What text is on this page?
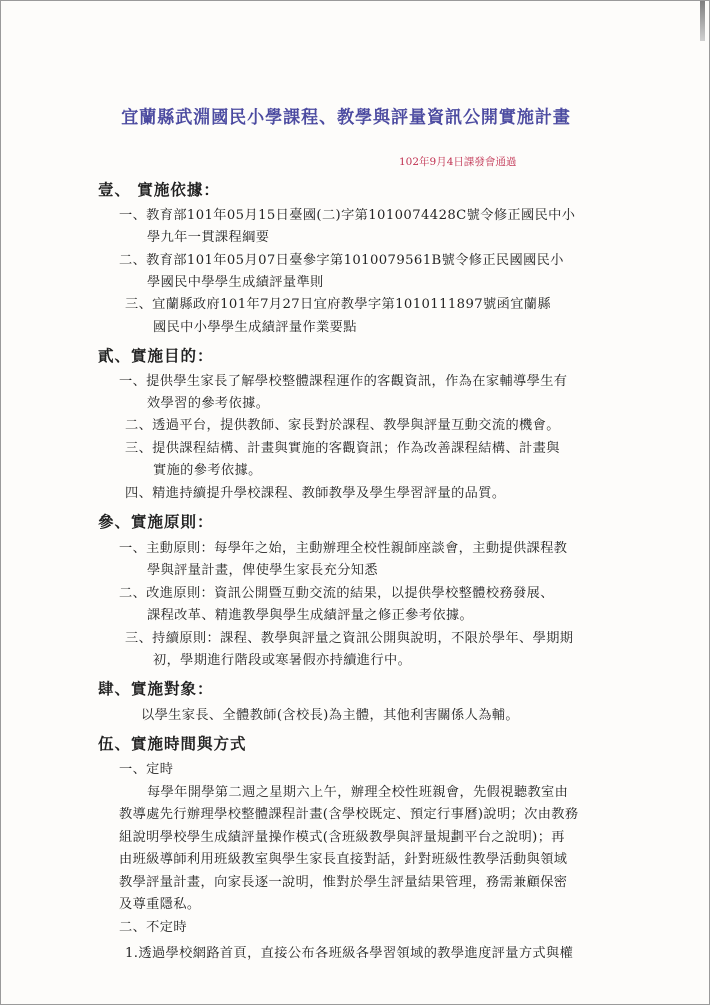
宜蘭縣武淵國民小學課程、教學與評量資訊公開實施計畫
102年9月4日課發會通過
壹、 實施依據：
一、教育部101年05月15日臺國(二)字第1010074428C號令修正國民中小
學九年一貫課程綱要
二、教育部101年05月07日臺參字第1010079561B號令修正民國國民小
學國民中學學生成績評量準則
三、宜蘭縣政府101年7月27日宜府教學字第1010111897號函宜蘭縣
國民中小學學生成績評量作業要點
貳、實施目的：
一、提供學生家長了解學校整體課程運作的客觀資訊，作為在家輔導學生有
效學習的參考依據。
二、透過平台，提供教師、家長對於課程、教學與評量互動交流的機會。
三、提供課程結構、計畫與實施的客觀資訊；作為改善課程結構、計畫與
實施的參考依據。
四、精進持續提升學校課程、教師教學及學生學習評量的品質。
參、實施原則：
一、主動原則：每學年之始，主動辦理全校性親師座談會，主動提供課程教
學與評量計畫，俾使學生家長充分知悉
二、改進原則：資訊公開暨互動交流的結果，以提供學校整體校務發展、
課程改革、精進教學與學生成績評量之修正參考依據。
三、持續原則：課程、教學與評量之資訊公開與說明，不限於學年、學期期
初，學期進行階段或寒暑假亦持續進行中。
肆、實施對象：
以學生家長、全體教師(含校長)為主體，其他利害關係人為輔。
伍、實施時間與方式
一、定時
每學年開學第二週之星期六上午，辦理全校性班親會，先假視聽教室由
教導處先行辦理學校整體課程計畫(含學校既定、預定行事曆)說明；次由教務
組說明學校學生成績評量操作模式(含班級教學與評量規劃平台之說明)；再
由班級導師利用班級教室與學生家長直接對話，針對班級性教學活動與領域
教學評量計畫，向家長逐一說明，惟對於學生評量結果管理，務需兼顧保密
及尊重隱私。
二、不定時
1.透過學校網路首頁，直接公布各班級各學習領域的教學進度評量方式與權
